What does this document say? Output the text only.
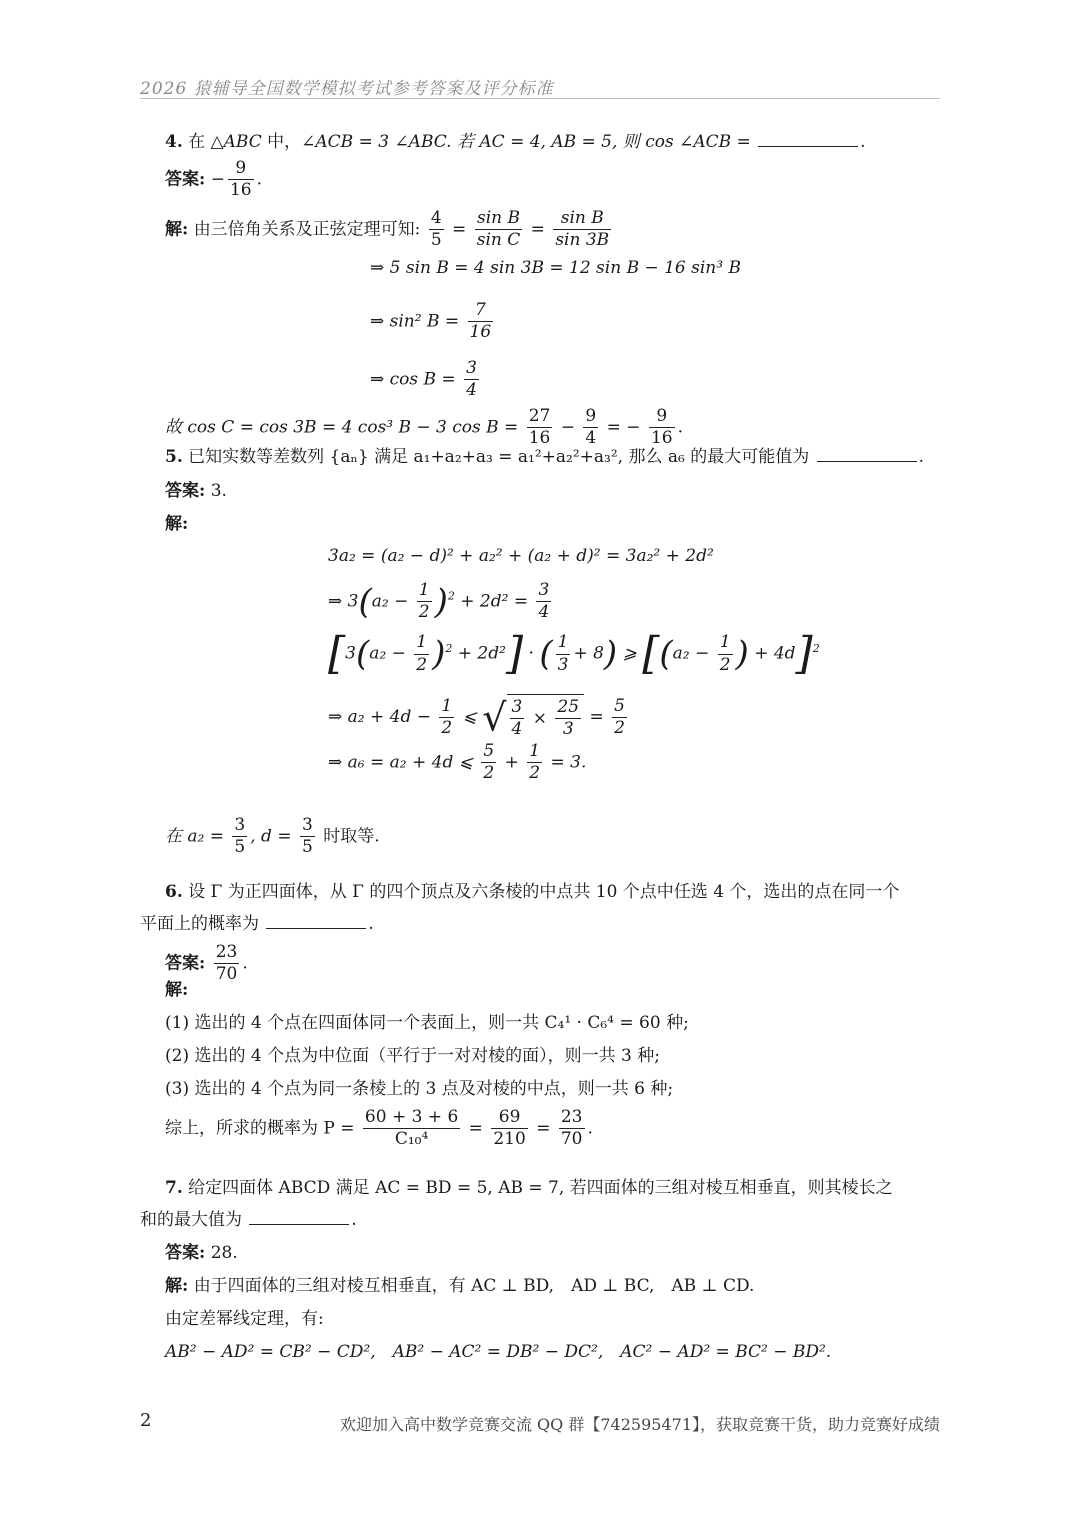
2026 猿辅导全国数学模拟考试参考答案及评分标准
4. 在 △ABC 中，∠ACB = 3 ∠ABC. 若 AC = 4, AB = 5, 则 cos ∠ACB =	.
答案: − $\frac{9}{16}$ .
解: 由三倍角关系及正弦定理可知: $\frac{4}{5} = \frac{\text{sin B}}{\text{sin C}} = \frac{\text{sin B}}{\sin 3B}$
⇒ 5 sin B = 4 sin 3B = 12 sin B − 16 sin³ B
⇒ sin² $B = \frac{7}{16}$
⇒ $\cos B = \frac{3}{4}$
故 cos C = cos 3B = 4 cos³ B − 3 $\cos B = \frac{27}{16} - \frac{9}{4}$ = − $\frac{9}{16}$ .
5. 已知实数等差数列 {aₙ} 满足 a₁+a₂+a₃ = a₁²+a₂²+a₃², 那么 a₆ 的最大可能值为	.
答案: 3.
解:
3a₂ = (a₂ − d)² + a₂² + (a₂ + d)² = 3a₂² + 2d²
⇒ $3(a_2 - \frac{1}{2} )^2 + 2d^2 = \frac{3}{4}$
$[3(a_2 - \frac{1}{2} )^2 + 2d^2]$ · ( $\frac{1}{3} + 8$) ⩾ [($a_2 - \frac{1}{2}$ ) + 4d]$^2$
⇒ $a_2 + 4d - \frac{1}{2}$ ⩽ √ $\frac{3}{4} \times \frac{25}{3} = \frac{5}{2}$
⇒ a₆ = a₂ + 4d ⩽ $\frac{5}{2} + \frac{1}{2} = 3$.
在 $a_2 = \frac{3}{5}$ , $d = \frac{3}{5}$ 时取等.
6. 设 Γ 为正四面体，从 Γ 的四个顶点及六条棱的中点共 10 个点中任选 4 个，选出的点在同一个
平面上的概率为	.
答案: $\frac{23}{70}$ .
解:
(1) 选出的 4 个点在四面体同一个表面上，则一共 C₄¹ · C₆⁴ = 60 种;
(2) 选出的 4 个点为中位面（平行于一对对棱的面），则一共 3 种;
(3) 选出的 4 个点为同一条棱上的 3 点及对棱的中点，则一共 6 种;
综上，所求的概率为 $P = \frac{60 + 3 + 6}{\text{C₁₀⁴}} = \frac{69}{210} = \frac{23}{70}$ .
7. 给定四面体 ABCD 满足 AC = BD = 5, AB = 7, 若四面体的三组对棱互相垂直，则其棱长之
和的最大值为	.
答案: 28.
解: 由于四面体的三组对棱互相垂直，有 AC ⊥ BD,　AD ⊥ BC,　AB ⊥ CD.
由定差幂线定理，有:
AB² − AD² = CB² − CD²,　AB² − AC² = DB² − DC²,　AC² − AD² = BC² − BD².
2	欢迎加入高中数学竞赛交流 QQ 群【742595471】，获取竞赛干货，助力竞赛好成绩
